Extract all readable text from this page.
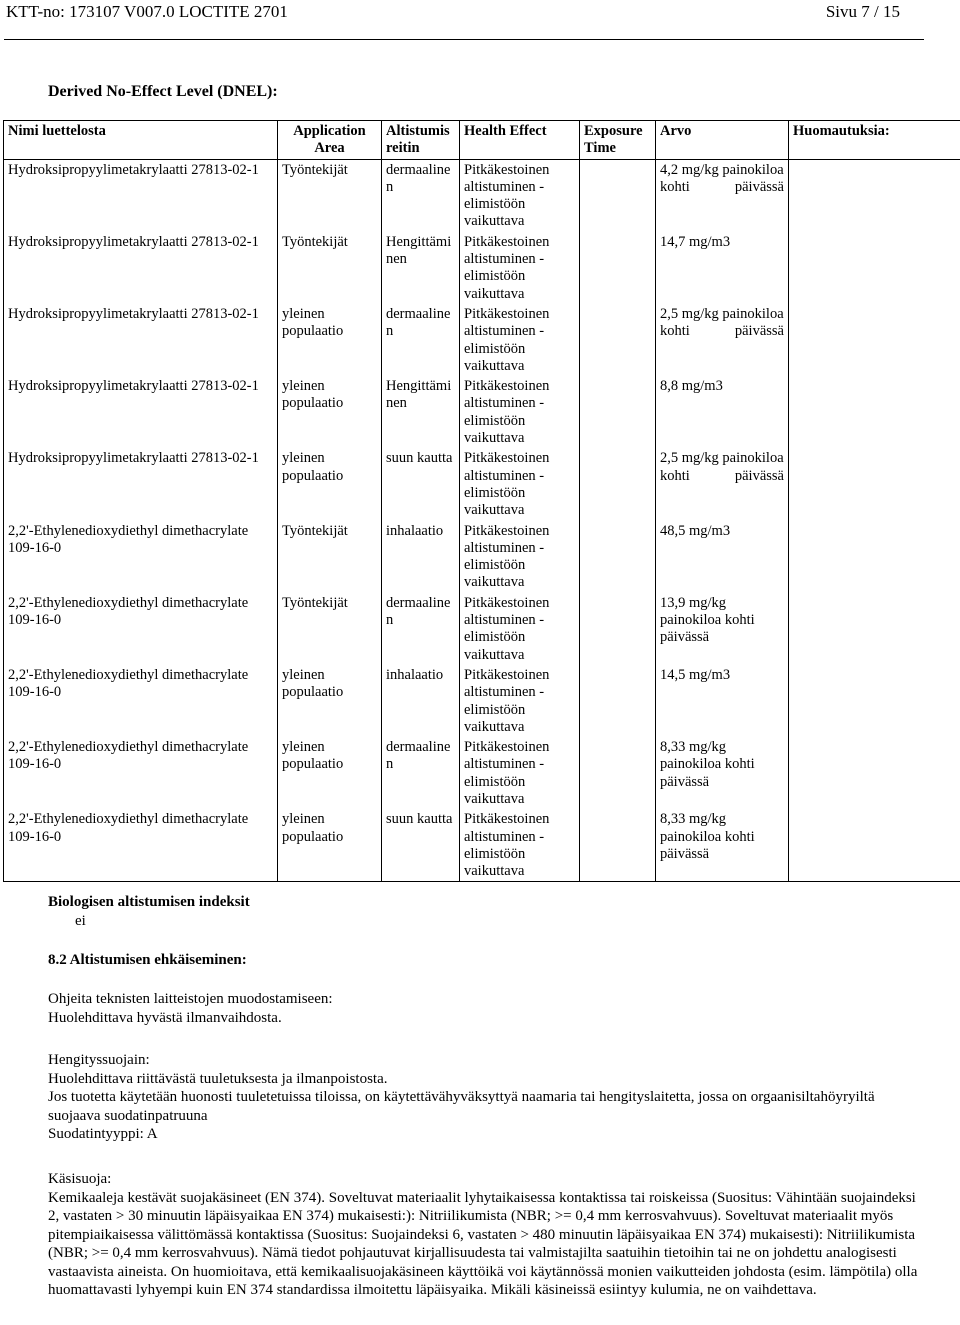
KTT-no: 173107 V007.0 LOCTITE 2701	Sivu 7 / 15
Derived No-Effect Level (DNEL):
Nimi luettelosta	Application Area	Altistumis reitin	Health Effect	Exposure Time	Arvo	Huomautuksia:
Hydroksipropyylimetakrylaatti 27813-02-1	Työntekijät	dermaaline n	Pitkäkestoinen altistuminen - elimistöön vaikuttava		4,2 mg/kg painokiloa kohti päivässä	
Hydroksipropyylimetakrylaatti 27813-02-1	Työntekijät	Hengittämi nen	Pitkäkestoinen altistuminen - elimistöön vaikuttava		14,7 mg/m3	
Hydroksipropyylimetakrylaatti 27813-02-1	yleinen populaatio	dermaaline n	Pitkäkestoinen altistuminen - elimistöön vaikuttava		2,5 mg/kg painokiloa kohti päivässä	
Hydroksipropyylimetakrylaatti 27813-02-1	yleinen populaatio	Hengittämi nen	Pitkäkestoinen altistuminen - elimistöön vaikuttava		8,8 mg/m3	
Hydroksipropyylimetakrylaatti 27813-02-1	yleinen populaatio	suun kautta	Pitkäkestoinen altistuminen - elimistöön vaikuttava		2,5 mg/kg painokiloa kohti päivässä	
2,2'-Ethylenedioxydiethyl dimethacrylate 109-16-0	Työntekijät	inhalaatio	Pitkäkestoinen altistuminen - elimistöön vaikuttava		48,5 mg/m3	
2,2'-Ethylenedioxydiethyl dimethacrylate 109-16-0	Työntekijät	dermaaline n	Pitkäkestoinen altistuminen - elimistöön vaikuttava		13,9 mg/kg painokiloa kohti päivässä	
2,2'-Ethylenedioxydiethyl dimethacrylate 109-16-0	yleinen populaatio	inhalaatio	Pitkäkestoinen altistuminen - elimistöön vaikuttava		14,5 mg/m3	
2,2'-Ethylenedioxydiethyl dimethacrylate 109-16-0	yleinen populaatio	dermaaline n	Pitkäkestoinen altistuminen - elimistöön vaikuttava		8,33 mg/kg painokiloa kohti päivässä	
2,2'-Ethylenedioxydiethyl dimethacrylate 109-16-0	yleinen populaatio	suun kautta	Pitkäkestoinen altistuminen - elimistöön vaikuttava		8,33 mg/kg painokiloa kohti päivässä	
Biologisen altistumisen indeksit
ei
8.2 Altistumisen ehkäiseminen:
Ohjeita teknisten laitteistojen muodostamiseen:
Huolehdittava hyvästä ilmanvaihdosta.
Hengityssuojain:
Huolehdittava riittävästä tuuletuksesta ja ilmanpoistosta.
Jos tuotetta käytetään huonosti tuuletetuissa tiloissa, on käytettävähyväksyttyä naamaria tai hengityslaitetta, jossa on orgaanisiltahöyryiltä suojaava suodatinpatruuna
Suodatintyyppi: A
Käsisuoja:
Kemikaaleja kestävät suojakäsineet (EN 374). Soveltuvat materiaalit lyhytaikaisessa kontaktissa tai roiskeissa (Suositus: Vähintään suojaindeksi 2, vastaten > 30 minuutin läpäisyaikaa EN 374) mukaisesti:): Nitriilikumista (NBR; >= 0,4 mm kerrosvahvuus). Soveltuvat materiaalit myös pitempiaikaisessa välittömässä kontaktissa (Suositus: Suojaindeksi 6, vastaten > 480 minuutin läpäisyaikaa EN 374) mukaisesti): Nitriilikumista (NBR; >= 0,4 mm kerrosvahvuus). Nämä tiedot pohjautuvat kirjallisuudesta tai valmistajilta saatuihin tietoihin tai ne on johdettu analogisesti vastaavista aineista. On huomioitava, että kemikaalisuojakäsineen käyttöikä voi käytännössä monien vaikutteiden johdosta (esim. lämpötila) olla huomattavasti lyhyempi kuin EN 374 standardissa ilmoitettu läpäisyaika. Mikäli käsineissä esiintyy kulumia, ne on vaihdettava.
